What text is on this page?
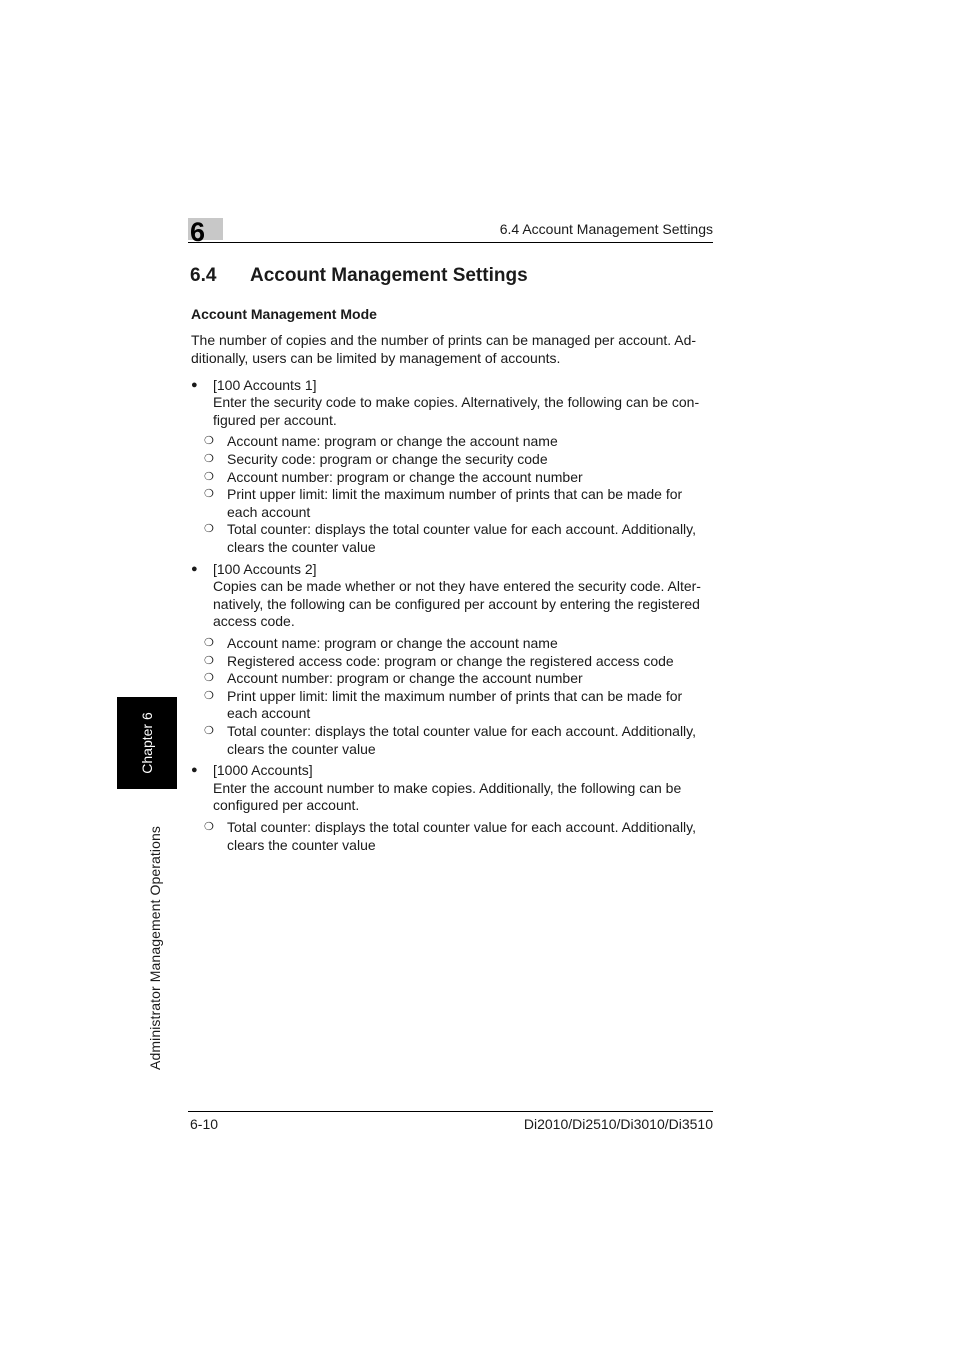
6	6.4 Account Management Settings
6.4 Account Management Settings
Account Management Mode

The number of copies and the number of prints can be managed per account. Ad-
ditionally, users can be limited by management of accounts.

● [100 Accounts 1]
Enter the security code to make copies. Alternatively, the following can be con-
figured per account.
❍ Account name: program or change the account name
❍ Security code: program or change the security code
❍ Account number: program or change the account number
❍ Print upper limit: limit the maximum number of prints that can be made for
each account
❍ Total counter: displays the total counter value for each account. Additionally,
clears the counter value
● [100 Accounts 2]
Copies can be made whether or not they have entered the security code. Alter-
natively, the following can be configured per account by entering the registered
access code.
❍ Account name: program or change the account name
❍ Registered access code: program or change the registered access code
❍ Account number: program or change the account number
❍ Print upper limit: limit the maximum number of prints that can be made for
each account
❍ Total counter: displays the total counter value for each account. Additionally,
clears the counter value
● [1000 Accounts]
Enter the account number to make copies. Additionally, the following can be
configured per account.
❍ Total counter: displays the total counter value for each account. Additionally,
clears the counter value
Chapter 6
Administrator Management Operations
6-10	Di2010/Di2510/Di3010/Di3510
